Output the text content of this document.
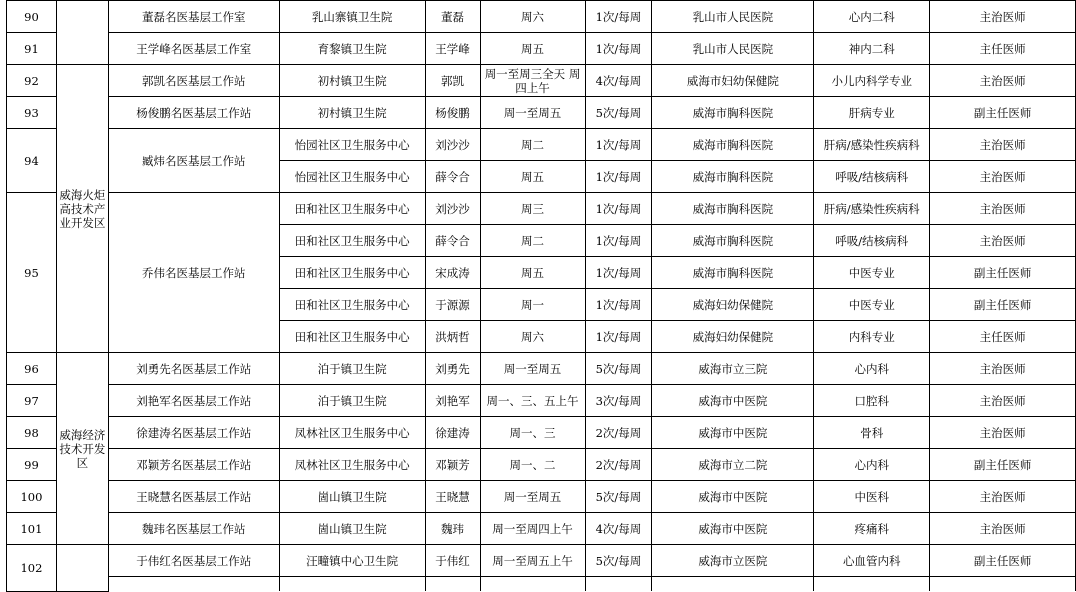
90		董磊名医基层工作室	乳山寨镇卫生院	董磊	周六	1次/每周	乳山市人民医院	心内二科	主治医师
91		王学峰名医基层工作室	育黎镇卫生院	王学峰	周五	1次/每周	乳山市人民医院	神内二科	主任医师
92	威海火炬高技术产业开发区	郭凯名医基层工作站	初村镇卫生院	郭凯	周一至周三全天 周四上午	4次/每周	威海市妇幼保健院	小儿内科学专业	主治医师
93		杨俊鹏名医基层工作站	初村镇卫生院	杨俊鹏	周一至周五	5次/每周	威海市胸科医院	肝病专业	副主任医师
94		臧炜名医基层工作站	怡园社区卫生服务中心	刘沙沙	周二	1次/每周	威海市胸科医院	肝病/感染性疾病科	主治医师
			怡园社区卫生服务中心	薛令合	周五	1次/每周	威海市胸科医院	呼吸/结核病科	主治医师
95		乔伟名医基层工作站	田和社区卫生服务中心	刘沙沙	周三	1次/每周	威海市胸科医院	肝病/感染性疾病科	主治医师
			田和社区卫生服务中心	薛令合	周二	1次/每周	威海市胸科医院	呼吸/结核病科	主治医师
			田和社区卫生服务中心	宋成涛	周五	1次/每周	威海市胸科医院	中医专业	副主任医师
			田和社区卫生服务中心	于源源	周一	1次/每周	威海妇幼保健院	中医专业	副主任医师
			田和社区卫生服务中心	洪炳哲	周六	1次/每周	威海妇幼保健院	内科专业	主任医师
96	威海经济技术开发区	刘勇先名医基层工作站	泊于镇卫生院	刘勇先	周一至周五	5次/每周	威海市立三院	心内科	主治医师
97		刘艳军名医基层工作站	泊于镇卫生院	刘艳军	周一、三、五上午	3次/每周	威海市中医院	口腔科	主治医师
98		徐建涛名医基层工作站	凤林社区卫生服务中心	徐建涛	周一、三	2次/每周	威海市中医院	骨科	主治医师
99		邓颖芳名医基层工作站	凤林社区卫生服务中心	邓颖芳	周一、二	2次/每周	威海市立二院	心内科	副主任医师
100		王晓慧名医基层工作站	崮山镇卫生院	王晓慧	周一至周五	5次/每周	威海市中医院	中医科	主治医师
101		魏玮名医基层工作站	崮山镇卫生院	魏玮	周一至周四上午	4次/每周	威海市中医院	疼痛科	主治医师
102		于伟红名医基层工作站	汪疃镇中心卫生院	于伟红	周一至周五上午	5次/每周	威海市立医院	心血管内科	副主任医师
